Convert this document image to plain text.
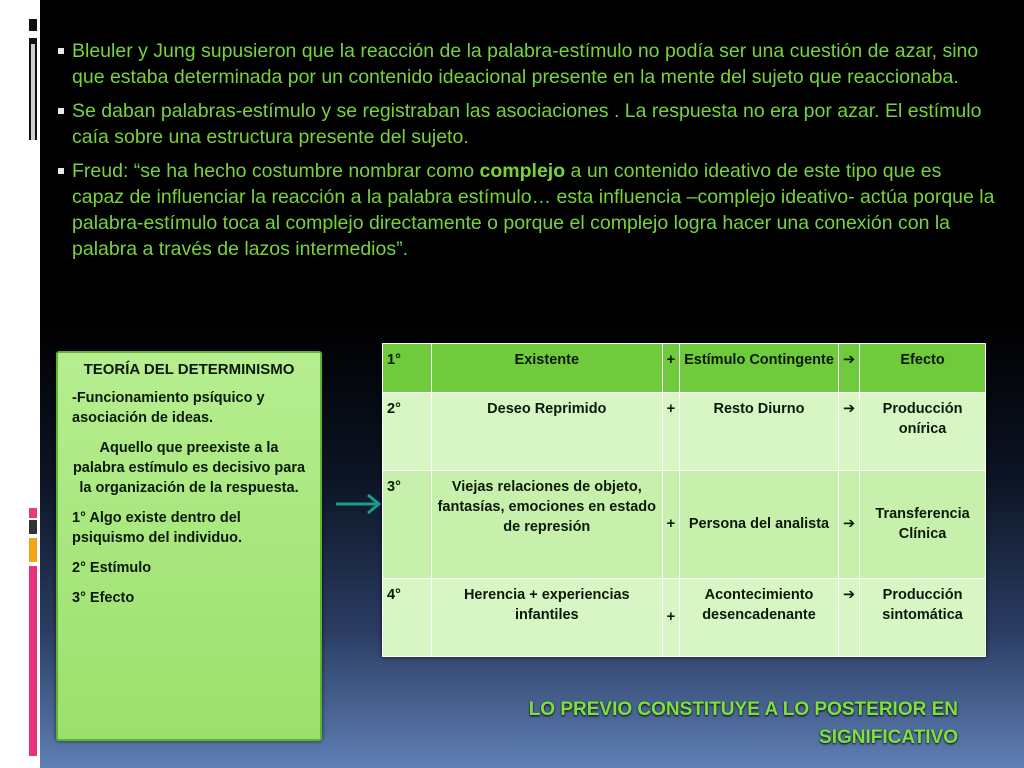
Bleuler y Jung supusieron que la reacción de la palabra-estímulo no podía ser una cuestión de azar, sino que estaba determinada por un contenido ideacional presente en la mente del sujeto que reaccionaba.
Se daban palabras-estímulo y se registraban las asociaciones . La respuesta no era por azar. El estímulo caía sobre una estructura presente del sujeto.
Freud: “se ha hecho costumbre nombrar como complejo a un contenido ideativo de este tipo que es capaz de influenciar la reacción a la palabra estímulo… esta influencia –complejo ideativo- actúa porque la palabra-estímulo toca al complejo directamente o porque el complejo logra hacer una conexión con la palabra a través de lazos intermedios”.
TEORÍA DEL DETERMINISMO
-Funcionamiento psíquico y asociación de ideas.
Aquello que preexiste a la palabra estímulo es decisivo para la organización de la respuesta.
1° Algo existe dentro del psiquismo del individuo.
2° Estímulo
3° Efecto
1°	Existente	+	Estímulo Contingente	➔	Efecto
2°	Deseo Reprimido	+	Resto Diurno	➔	Producción onírica
3°	Viejas relaciones de objeto, fantasías, emociones en estado de represión	+	Persona del analista	➔	Transferencia Clínica
4°	Herencia + experiencias infantiles	+	Acontecimiento desencadenante	➔	Producción sintomática
LO PREVIO CONSTITUYE A LO POSTERIOR EN
SIGNIFICATIVO
